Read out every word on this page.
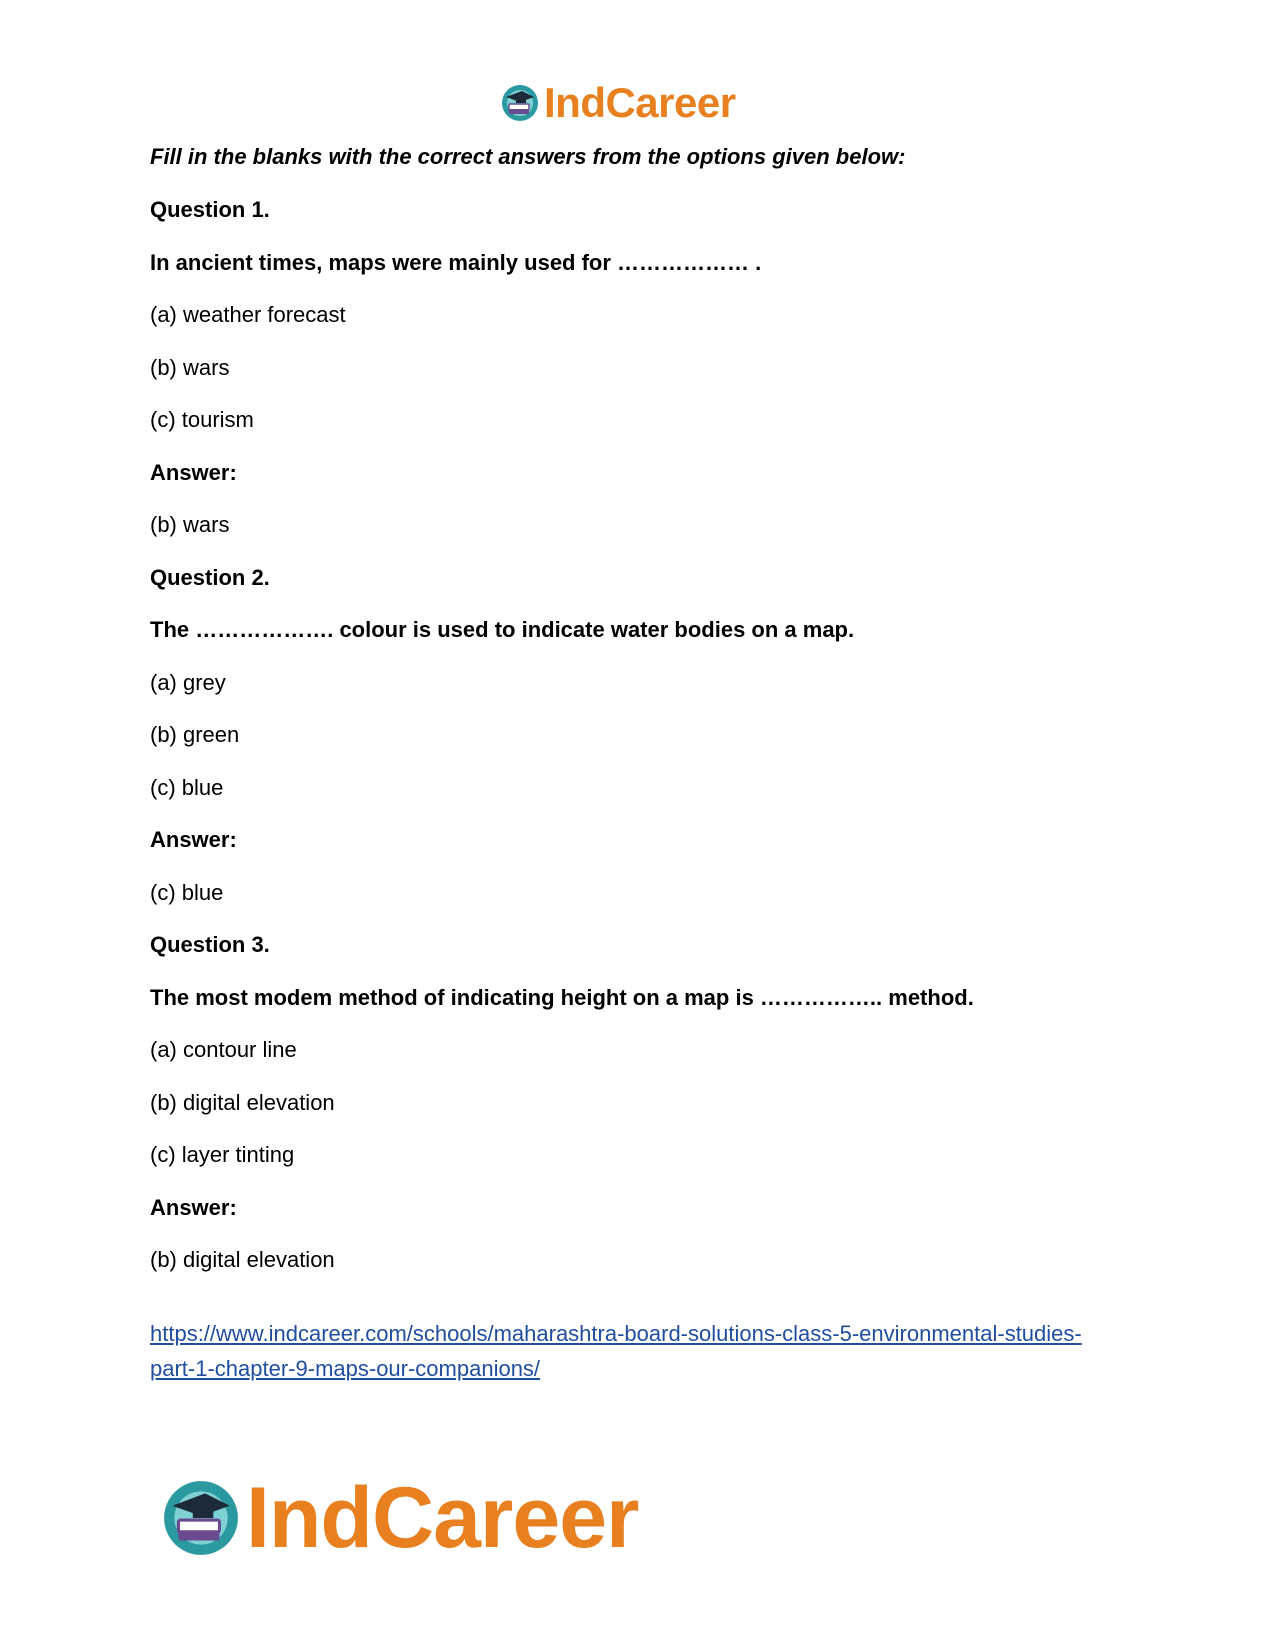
IndCareer
Fill in the blanks with the correct answers from the options given below:
Question 1.
In ancient times, maps were mainly used for ……………… .
(a) weather forecast
(b) wars
(c) tourism
Answer:
(b) wars
Question 2.
The ………………. colour is used to indicate water bodies on a map.
(a) grey
(b) green
(c) blue
Answer:
(c) blue
Question 3.
The most modem method of indicating height on a map is …………….. method.
(a) contour line
(b) digital elevation
(c) layer tinting
Answer:
(b) digital elevation
https://www.indcareer.com/schools/maharashtra-board-solutions-class-5-environmental-studies-
part-1-chapter-9-maps-our-companions/
IndCareer
